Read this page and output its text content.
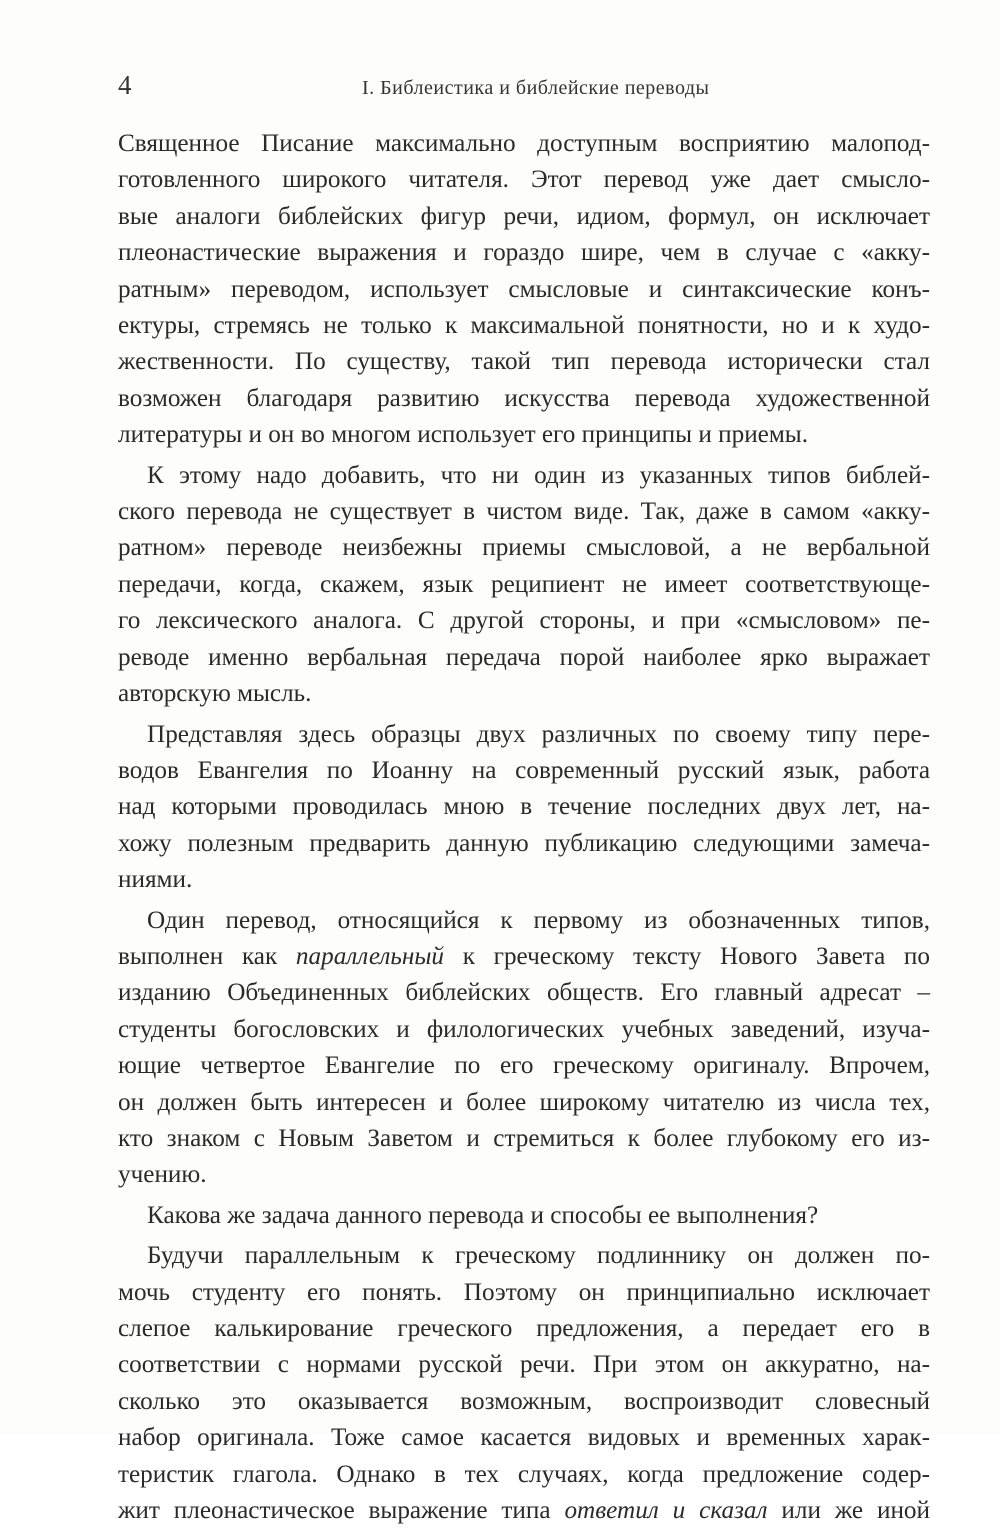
4	I. Библеистика и библейские переводы
Священное Писание максимально доступным восприятию малопод-
готовленного широкого читателя. Этот перевод уже дает смысло-
вые аналоги библейских фигур речи, идиом, формул, он исключает
плеонастические выражения и гораздо шире, чем в случае с «акку-
ратным» переводом, использует смысловые и синтаксические конъ-
ектуры, стремясь не только к максимальной понятности, но и к худо-
жественности. По существу, такой тип перевода исторически стал
возможен благодаря развитию искусства перевода художественной
литературы и он во многом использует его принципы и приемы.
К этому надо добавить, что ни один из указанных типов библей-
ского перевода не существует в чистом виде. Так, даже в самом «акку-
ратном» переводе неизбежны приемы смысловой, а не вербальной
передачи, когда, скажем, язык реципиент не имеет соответствующе-
го лексического аналога. С другой стороны, и при «смысловом» пе-
реводе именно вербальная передача порой наиболее ярко выражает
авторскую мысль.
Представляя здесь образцы двух различных по своему типу пере-
водов Евангелия по Иоанну на современный русский язык, работа
над которыми проводилась мною в течение последних двух лет, на-
хожу полезным предварить данную публикацию следующими замеча-
ниями.
Один перевод, относящийся к первому из обозначенных типов,
выполнен как параллельный к греческому тексту Нового Завета по
изданию Объединенных библейских обществ. Его главный адресат –
студенты богословских и филологических учебных заведений, изуча-
ющие четвертое Евангелие по его греческому оригиналу. Впрочем,
он должен быть интересен и более широкому читателю из числа тех,
кто знаком с Новым Заветом и стремиться к более глубокому его из-
учению.
Какова же задача данного перевода и способы ее выполнения?
Будучи параллельным к греческому подлиннику он должен по-
мочь студенту его понять. Поэтому он принципиально исключает
слепое калькирование греческого предложения, а передает его в
соответствии с нормами русской речи. При этом он аккуратно, на-
сколько это оказывается возможным, воспроизводит словесный
набор оригинала. Тоже самое касается видовых и временных харак-
теристик глагола. Однако в тех случаях, когда предложение содер-
жит плеонастическое выражение типа ответил и сказал или же иной
